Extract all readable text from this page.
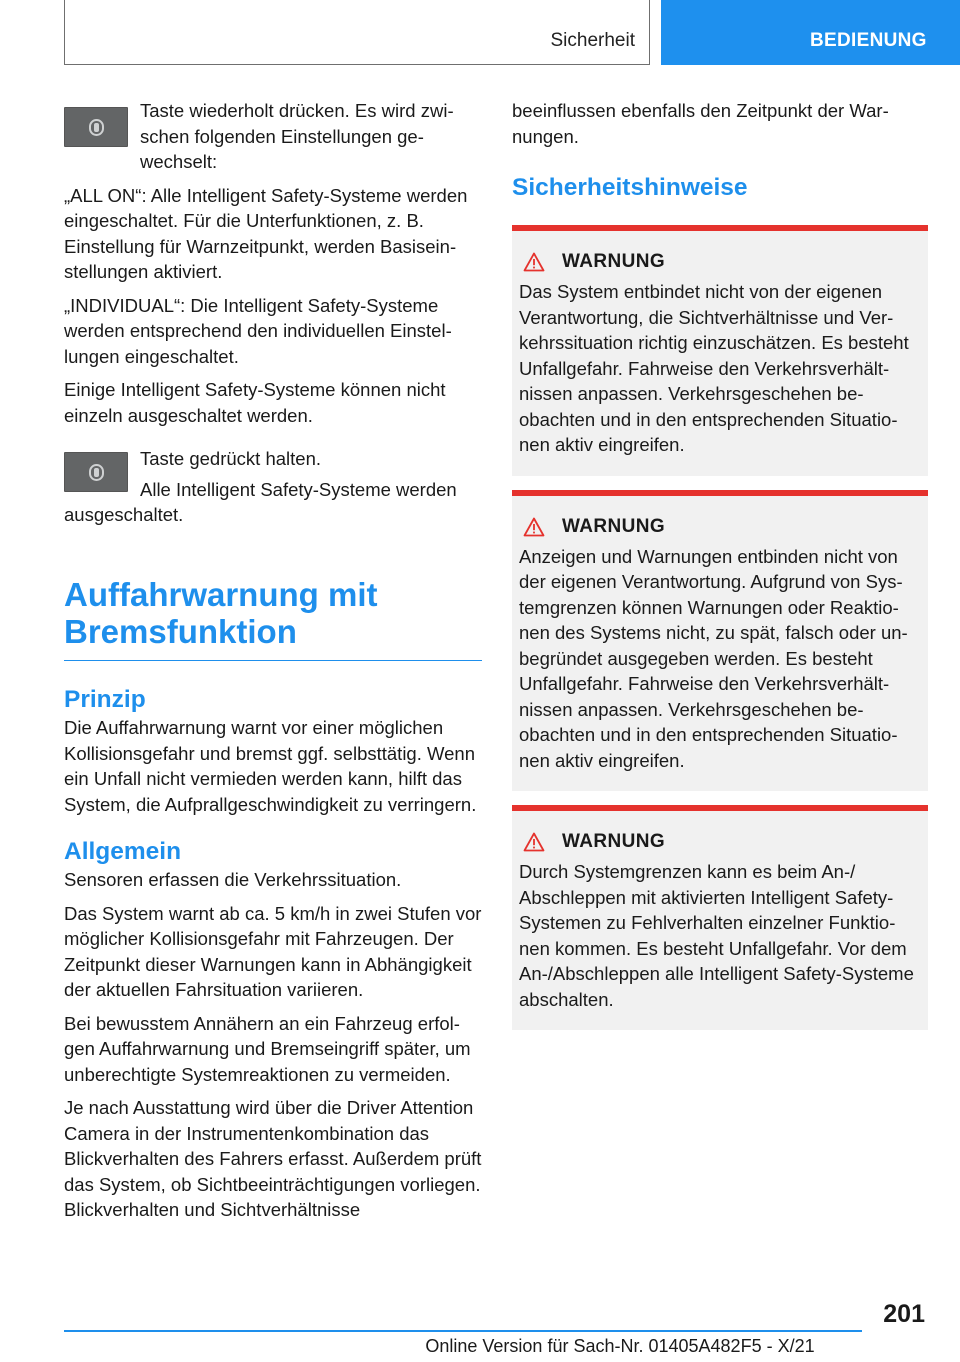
Sicherheit	BEDIENUNG

Taste wiederholt drücken. Es wird zwischen folgenden Einstellungen gewechselt:

„ALL ON“: Alle Intelligent Safety-Systeme werden eingeschaltet. Für die Unterfunktionen, z. B. Einstellung für Warnzeitpunkt, werden Basiseinstellungen aktiviert.

„INDIVIDUAL“: Die Intelligent Safety-Systeme werden entsprechend den individuellen Einstellungen eingeschaltet.

Einige Intelligent Safety-Systeme können nicht einzeln ausgeschaltet werden.

Taste gedrückt halten.

Alle Intelligent Safety-Systeme werden ausgeschaltet.

Auffahrwarnung mit Bremsfunktion
Prinzip

Die Auffahrwarnung warnt vor einer möglichen Kollisionsgefahr und bremst ggf. selbsttätig. Wenn ein Unfall nicht vermieden werden kann, hilft das System, die Aufprallgeschwindigkeit zu verringern.

Allgemein

Sensoren erfassen die Verkehrssituation.

Das System warnt ab ca. 5 km/h in zwei Stufen vor möglicher Kollisionsgefahr mit Fahrzeugen. Der Zeitpunkt dieser Warnungen kann in Abhängigkeit der aktuellen Fahrsituation variieren.

Bei bewusstem Annähern an ein Fahrzeug erfolgen Auffahrwarnung und Bremseingriff später, um unberechtigte Systemreaktionen zu vermeiden.

Je nach Ausstattung wird über die Driver Attention Camera in der Instrumentenkombination das Blickverhalten des Fahrers erfasst. Außerdem prüft das System, ob Sichtbeeinträchtigungen vorliegen. Blickverhalten und Sichtverhältnisse

beeinflussen ebenfalls den Zeitpunkt der Warnungen.

Sicherheitshinweise
WARNUNG

Das System entbindet nicht von der eigenen Verantwortung, die Sichtverhältnisse und Verkehrssituation richtig einzuschätzen. Es besteht Unfallgefahr. Fahrweise den Verkehrsverhältnissen anpassen. Verkehrsgeschehen beobachten und in den entsprechenden Situationen aktiv eingreifen.

WARNUNG

Anzeigen und Warnungen entbinden nicht von der eigenen Verantwortung. Aufgrund von Systemgrenzen können Warnungen oder Reaktionen des Systems nicht, zu spät, falsch oder unbegründet ausgegeben werden. Es besteht Unfallgefahr. Fahrweise den Verkehrsverhältnissen anpassen. Verkehrsgeschehen beobachten und in den entsprechenden Situationen aktiv eingreifen.

WARNUNG

Durch Systemgrenzen kann es beim An-/ Abschleppen mit aktivierten Intelligent Safety-Systemen zu Fehlverhalten einzelner Funktionen kommen. Es besteht Unfallgefahr. Vor dem An-/Abschleppen alle Intelligent Safety-Systeme abschalten.

201
Online Version für Sach-Nr. 01405A482F5 - X/21
